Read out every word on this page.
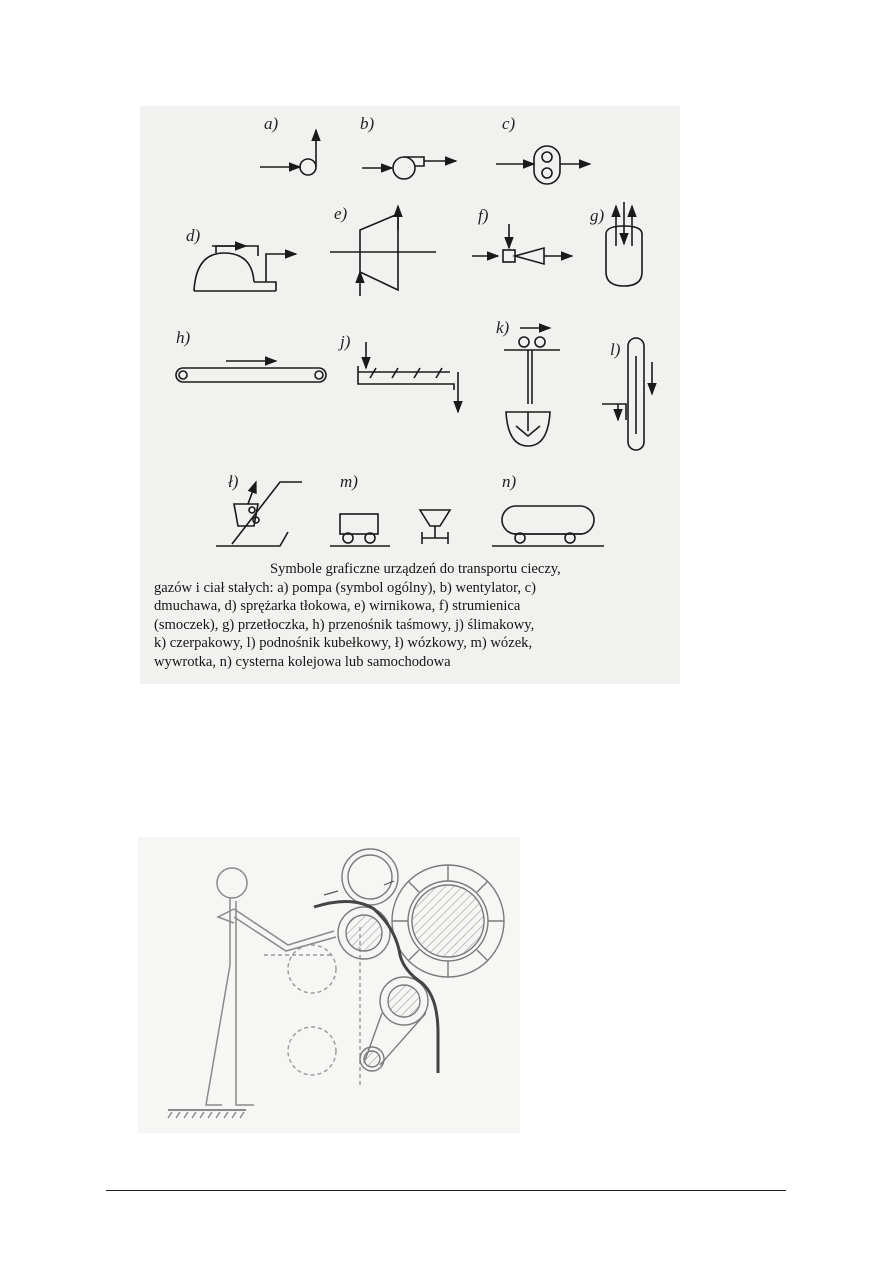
a)	b)	c)
d)
e)	f)	g)
h)	j)
k)
l)
ł)	m)	n)
Symbole graficzne urządzeń do transportu cieczy,
gazów i ciał stałych: a) pompa (symbol ogólny), b) wentylator, c)
dmuchawa, d) sprężarka tłokowa, e) wirnikowa, f) strumienica
(smoczek), g) przetłoczka, h) przenośnik taśmowy, j) ślimakowy,
k) czerpakowy, l) podnośnik kubełkowy, ł) wózkowy, m) wózek,
wywrotka, n) cysterna kolejowa lub samochodowa
